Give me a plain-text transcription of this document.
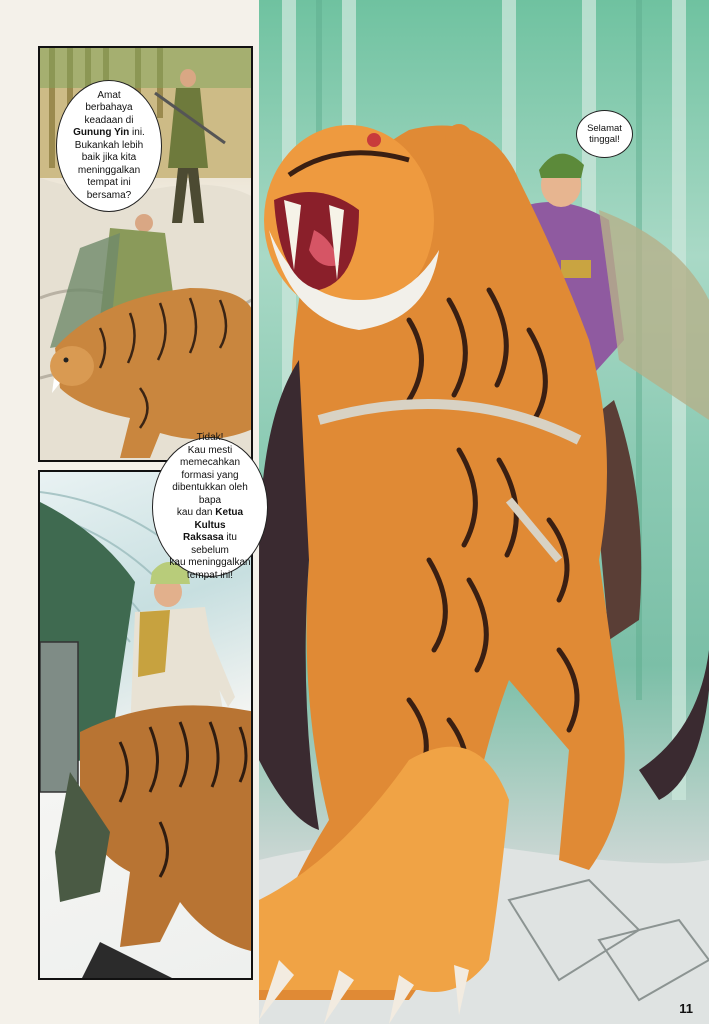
Amat
berbahaya
keadaan di
Gunung Yin ini.
Bukankah lebih
baik jika kita
meninggalkan
tempat ini
bersama?
Tidak!
Kau mesti
memecahkan
formasi yang
dibentukkan oleh bapa
kau dan Ketua Kultus
Raksasa itu sebelum
kau meninggalkan
tempat ini!
Selamat
tinggal!
11
